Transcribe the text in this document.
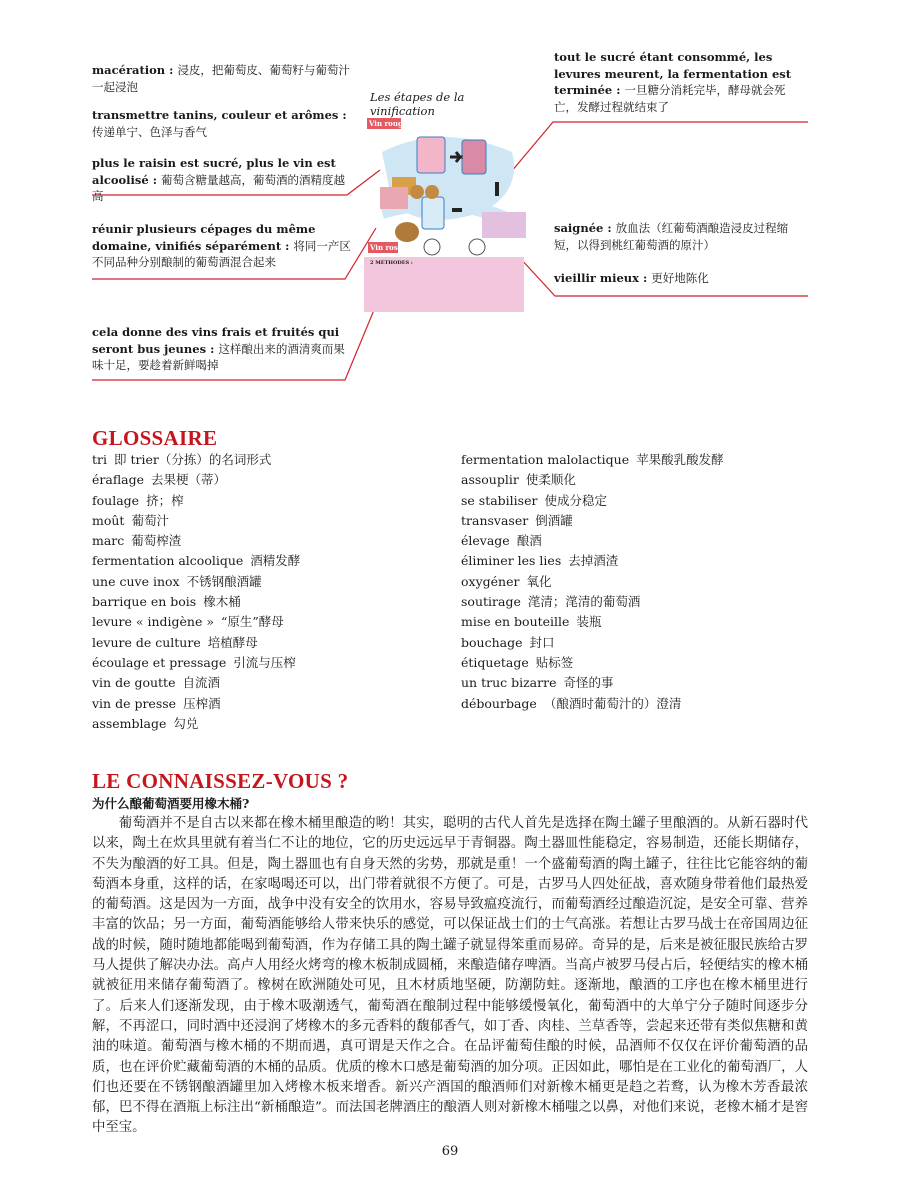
macération : 浸皮，把葡萄皮、葡萄籽与葡萄汁一起浸泡
transmettre tanins, couleur et arômes : 传递单宁、色泽与香气
plus le raisin est sucré, plus le vin est alcoolisé : 葡萄含糖量越高，葡萄酒的酒精度越高
réunir plusieurs cépages du même domaine, vinifiés séparément : 将同一产区不同品种分别酿制的葡萄酒混合起来
cela donne des vins frais et fruités qui seront bus jeunes : 这样酿出来的酒清爽而果味十足，要趁着新鲜喝掉
tout le sucré étant consommé, les levures meurent, la fermentation est terminée : 一旦糖分消耗完毕，酵母就会死亡，发酵过程就结束了
saignée : 放血法（红葡萄酒酿造浸皮过程缩短，以得到桃红葡萄酒的原汁）
vieillir mieux : 更好地陈化
Les étapes de la vinification
Vin rouge
Vin rosé
2 MÉTHODES :
GLOSSAIRE
tri 即 trier（分拣）的名词形式
éraflage 去果梗（蒂）
foulage 挤；榨
moût 葡萄汁
marc 葡萄榨渣
fermentation alcoolique 酒精发酵
une cuve inox 不锈钢酿酒罐
barrique en bois 橡木桶
levure « indigène » “原生”酵母
levure de culture 培植酵母
écoulage et pressage 引流与压榨
vin de goutte 自流酒
vin de presse 压榨酒
assemblage 勾兑
fermentation malolactique 苹果酸乳酸发酵
assouplir 使柔顺化
se stabiliser 使成分稳定
transvaser 倒酒罐
élevage 酿酒
éliminer les lies 去掉酒渣
oxygéner 氧化
soutirage 滗清；滗清的葡萄酒
mise en bouteille 装瓶
bouchage 封口
étiquetage 贴标签
un truc bizarre 奇怪的事
débourbage （酿酒时葡萄汁的）澄清
LE CONNAISSEZ-VOUS ?
为什么酿葡萄酒要用橡木桶?
葡萄酒并不是自古以来都在橡木桶里酿造的哟！其实，聪明的古代人首先是选择在陶土罐子里酿酒的。从新石器时代以来，陶土在炊具里就有着当仁不让的地位，它的历史远远早于青铜器。陶土器皿性能稳定，容易制造，还能长期储存，不失为酿酒的好工具。但是，陶土器皿也有自身天然的劣势，那就是重！一个盛葡萄酒的陶土罐子，往往比它能容纳的葡萄酒本身重，这样的话，在家喝喝还可以，出门带着就很不方便了。可是，古罗马人四处征战，喜欢随身带着他们最热爱的葡萄酒。这是因为一方面，战争中没有安全的饮用水，容易导致瘟疫流行，而葡萄酒经过酿造沉淀，是安全可靠、营养丰富的饮品；另一方面，葡萄酒能够给人带来快乐的感觉，可以保证战士们的士气高涨。若想让古罗马战士在帝国周边征战的时候，随时随地都能喝到葡萄酒，作为存储工具的陶土罐子就显得笨重而易碎。奇异的是，后来是被征服民族给古罗马人提供了解决办法。高卢人用经火烤弯的橡木板制成圆桶，来酿造储存啤酒。当高卢被罗马侵占后，轻便结实的橡木桶就被征用来储存葡萄酒了。橡树在欧洲随处可见，且木材质地坚硬，防潮防蛀。逐渐地，酿酒的工序也在橡木桶里进行了。后来人们逐渐发现，由于橡木吸潮透气，葡萄酒在酿制过程中能够缓慢氧化，葡萄酒中的大单宁分子随时间逐步分解，不再涩口，同时酒中还浸润了烤橡木的多元香料的馥郁香气，如丁香、肉桂、兰草香等，尝起来还带有类似焦糖和黄油的味道。葡萄酒与橡木桶的不期而遇，真可谓是天作之合。在品评葡萄佳酿的时候，品酒师不仅仅在评价葡萄酒的品质，也在评价贮藏葡萄酒的木桶的品质。优质的橡木口感是葡萄酒的加分项。正因如此，哪怕是在工业化的葡萄酒厂，人们也还要在不锈钢酿酒罐里加入烤橡木板来增香。新兴产酒国的酿酒师们对新橡木桶更是趋之若鹜，认为橡木芳香最浓郁，巴不得在酒瓶上标注出“新桶酿造”。而法国老牌酒庄的酿酒人则对新橡木桶嗤之以鼻，对他们来说，老橡木桶才是窖中至宝。
69
